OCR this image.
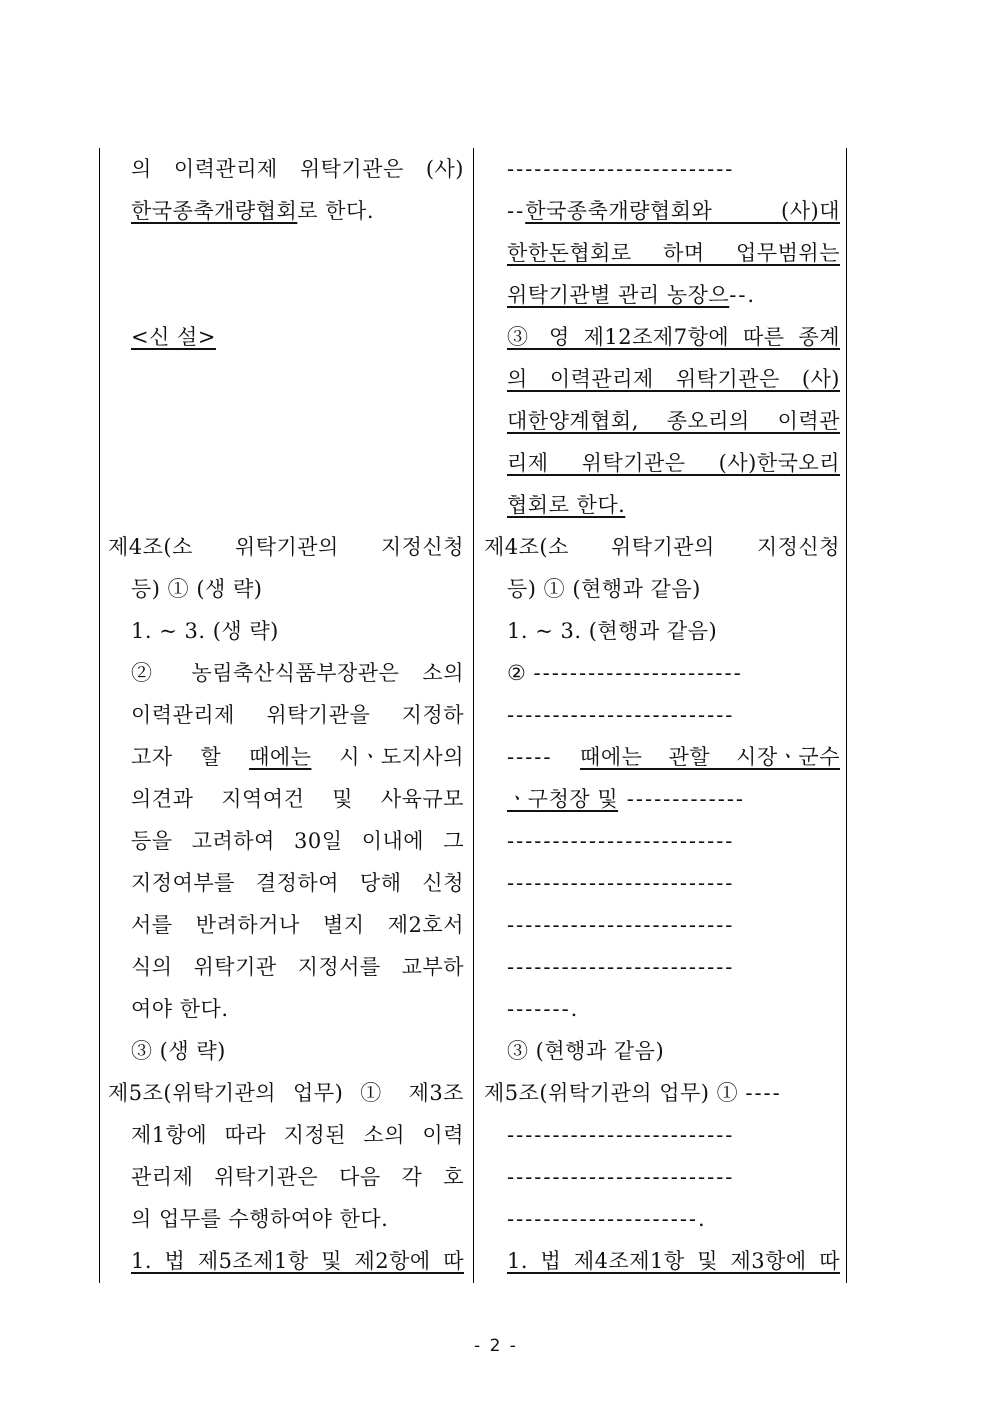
의 이력관리제 위탁기관은 (사)
한국종축개량협회로 한다.
<신 설>
제4조(소 위탁기관의 지정신청
등) ① (생 략)
1. ~ 3. (생 략)
② 농림축산식품부장관은 소의
이력관리제 위탁기관을 지정하
고자 할 때에는 시ㆍ도지사의
의견과 지역여건 및 사육규모
등을 고려하여 30일 이내에 그
지정여부를 결정하여 당해 신청
서를 반려하거나 별지 제2호서
식의 위탁기관 지정서를 교부하
여야 한다.
③ (생 략)
제5조(위탁기관의 업무) ① 제3조
제1항에 따라 지정된 소의 이력
관리제 위탁기관은 다음 각 호
의 업무를 수행하여야 한다.
1. 법 제5조제1항 및 제2항에 따
-------------------------
--한국종축개량협회와 (사)대
한한돈협회로 하며 업무범위는
위탁기관별 관리 농장으--.
③ 영 제12조제7항에 따른 종계
의 이력관리제 위탁기관은 (사)
대한양계협회, 종오리의 이력관
리제 위탁기관은 (사)한국오리
협회로 한다.
제4조(소 위탁기관의 지정신청
등) ① (현행과 같음)
1. ~ 3. (현행과 같음)
② -----------------------
-------------------------
----- 때에는 관할 시장ㆍ군수
ㆍ구청장 및 -------------
-------------------------
-------------------------
-------------------------
-------------------------
-------.
③ (현행과 같음)
제5조(위탁기관의 업무) ① ----
-------------------------
-------------------------
---------------------.
1. 법 제4조제1항 및 제3항에 따
- 2 -
